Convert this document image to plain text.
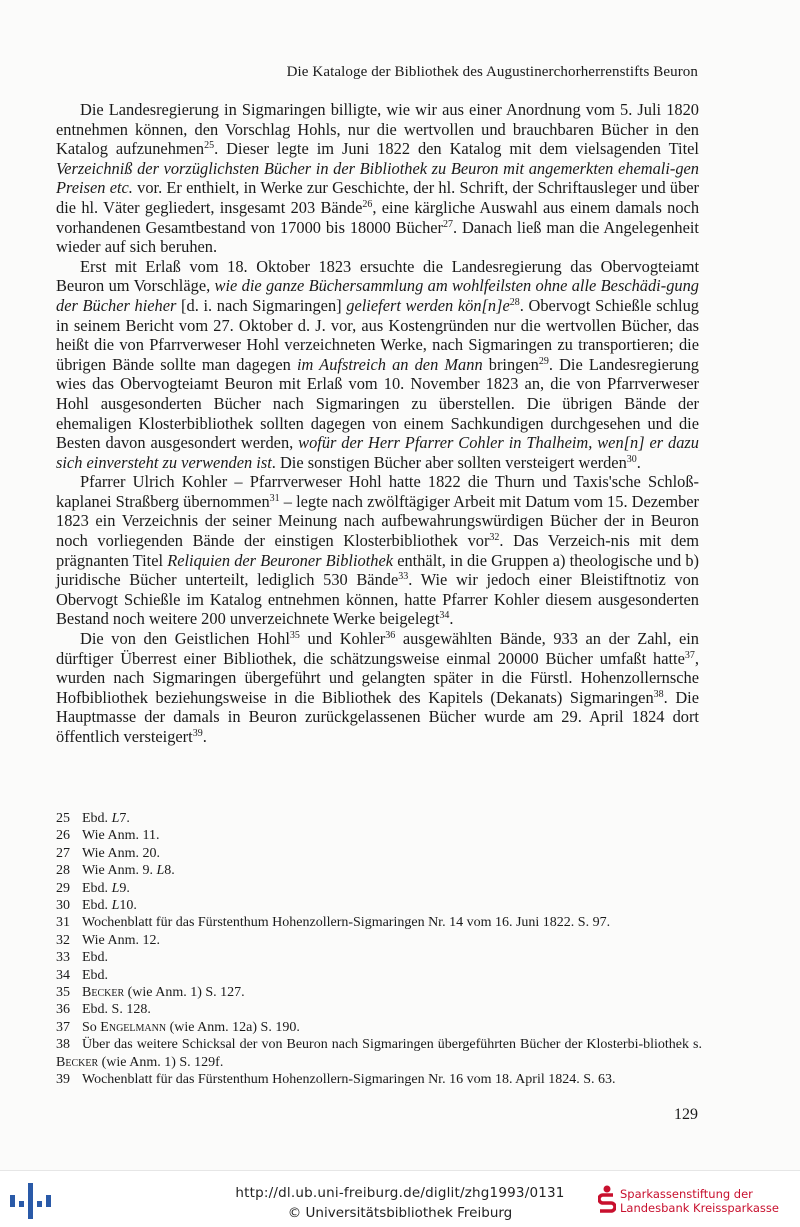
Die Kataloge der Bibliothek des Augustinerchorherrenstifts Beuron

Die Landesregierung in Sigmaringen billigte, wie wir aus einer Anordnung vom 5. Juli 1820 entnehmen können, den Vorschlag Hohls, nur die wertvollen und brauchbaren Bücher in den Katalog aufzunehmen$^{25}$. Dieser legte im Juni 1822 den Katalog mit dem vielsagenden Titel Verzeichniß der vorzüglichsten Bücher in der Bibliothek zu Beuron mit angemerkten ehemali-gen Preisen etc. vor. Er enthielt, in Werke zur Geschichte, der hl. Schrift, der Schriftausleger und über die hl. Väter gegliedert, insgesamt 203 Bände$^{26}$, eine kärgliche Auswahl aus einem damals noch vorhandenen Gesamtbestand von 17000 bis 18000 Bücher$^{27}$. Danach ließ man die Angelegenheit wieder auf sich beruhen.

Erst mit Erlaß vom 18. Oktober 1823 ersuchte die Landesregierung das Obervogteiamt Beuron um Vorschläge, wie die ganze Büchersammlung am wohlfeilsten ohne alle Beschädi-gung der Bücher hieher [d. i. nach Sigmaringen] geliefert werden $kön[n]e^{28}$. Obervogt Schießle schlug in seinem Bericht vom 27. Oktober d. J. vor, aus Kostengründen nur die wertvollen Bücher, das heißt die von Pfarrverweser Hohl verzeichneten Werke, nach Sigmaringen zu transportieren; die übrigen Bände sollte man dagegen im Aufstreich an den Mann bringen$^{29}$. Die Landesregierung wies das Obervogteiamt Beuron mit Erlaß vom 10. November 1823 an, die von Pfarrverweser Hohl ausgesonderten Bücher nach Sigmaringen zu überstellen. Die übrigen Bände der ehemaligen Klosterbibliothek sollten dagegen von einem Sachkundigen durchgesehen und die Besten davon ausgesondert werden, wofür der Herr Pfarrer Cohler in Thalheim, wen[n] er dazu sich einversteht zu verwenden ist. Die sonstigen Bücher aber sollten versteigert werden$^{30}$.

Pfarrer Ulrich Kohler – Pfarrverweser Hohl hatte 1822 die Thurn und Taxis'sche Schloß-kaplanei Straßberg übernommen$^{31}$ – legte nach zwölftägiger Arbeit mit Datum vom 15. Dezember 1823 ein Verzeichnis der seiner Meinung nach aufbewahrungswürdigen Bücher der in Beuron noch vorliegenden Bände der einstigen Klosterbibliothek vor$^{32}$. Das Verzeich-nis mit dem prägnanten Titel Reliquien der Beuroner Bibliothek enthält, in die Gruppen a) theologische und b) juridische Bücher unterteilt, lediglich 530 Bände$^{33}$. Wie wir jedoch einer Bleistiftnotiz von Obervogt Schießle im Katalog entnehmen können, hatte Pfarrer Kohler diesem ausgesonderten Bestand noch weitere 200 unverzeichnete Werke beigelegt$^{34}$.

Die von den Geistlichen Hohl$^{35}$ und Kohler$^{36}$ ausgewählten Bände, 933 an der Zahl, ein dürftiger Überrest einer Bibliothek, die schätzungsweise einmal 20000 Bücher umfaßt hatte$^{37}$, wurden nach Sigmaringen übergeführt und gelangten später in die Fürstl. Hohenzollernsche Hofbibliothek beziehungsweise in die Bibliothek des Kapitels (Dekanats) Sigmaringen$^{38}$. Die Hauptmasse der damals in Beuron zurückgelassenen Bücher wurde am 29. April 1824 dort öffentlich versteigert$^{39}$.

25 Ebd. L7.
26 Wie Anm. 11.
27 Wie Anm. 20.
28 Wie Anm. 9. L8.
29 Ebd. L9.
30 Ebd. L10.
31 Wochenblatt für das Fürstenthum Hohenzollern-Sigmaringen Nr. 14 vom 16. Juni 1822. S. 97.
32 Wie Anm. 12.
33 Ebd.
34 Ebd.
35 Becker (wie Anm. 1) S. 127.
36 Ebd. S. 128.
37 So Engelmann (wie Anm. 12a) S. 190.
38 Über das weitere Schicksal der von Beuron nach Sigmaringen übergeführten Bücher der Klosterbi-bliothek s. Becker (wie Anm. 1) S. 129f.
39 Wochenblatt für das Fürstenthum Hohenzollern-Sigmaringen Nr. 16 vom 18. April 1824. S. 63.
129
http://dl.ub.uni-freiburg.de/diglit/zhg1993/0131
© Universitätsbibliothek Freiburg
Sparkassenstiftung der
Landesbank Kreissparkasse
